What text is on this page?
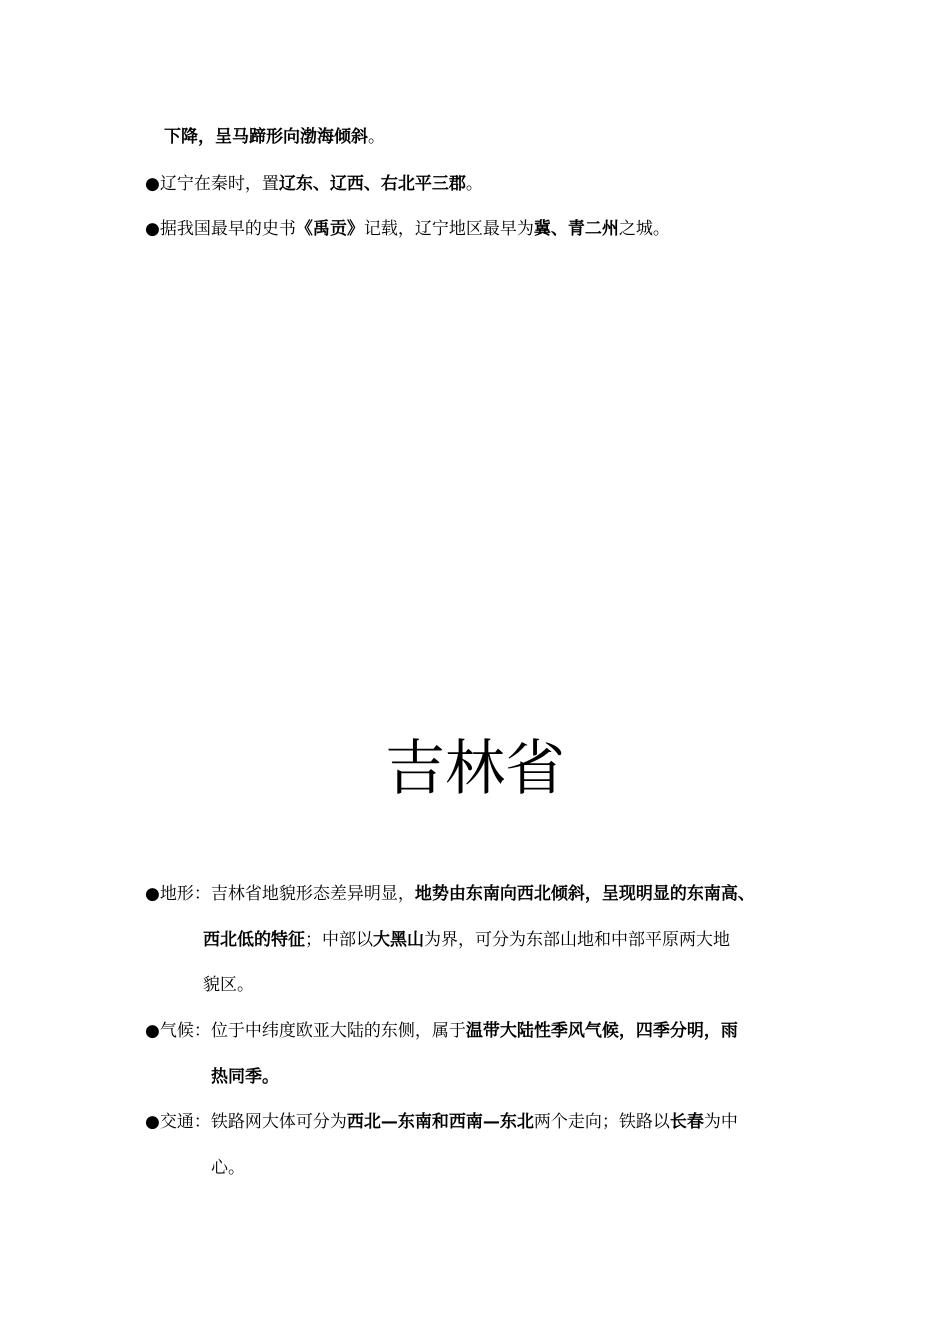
下降，呈马蹄形向渤海倾斜。
●辽宁在秦时，置辽东、辽西、右北平三郡。
●据我国最早的史书《禹贡》记载，辽宁地区最早为冀、青二州之城。
吉林省
●地形：吉林省地貌形态差异明显，地势由东南向西北倾斜，呈现明显的东南高、
西北低的特征；中部以大黑山为界，可分为东部山地和中部平原两大地
貌区。
●气候：位于中纬度欧亚大陆的东侧，属于温带大陆性季风气候，四季分明，雨
热同季。
●交通：铁路网大体可分为西北—东南和西南—东北两个走向；铁路以长春为中
心。
